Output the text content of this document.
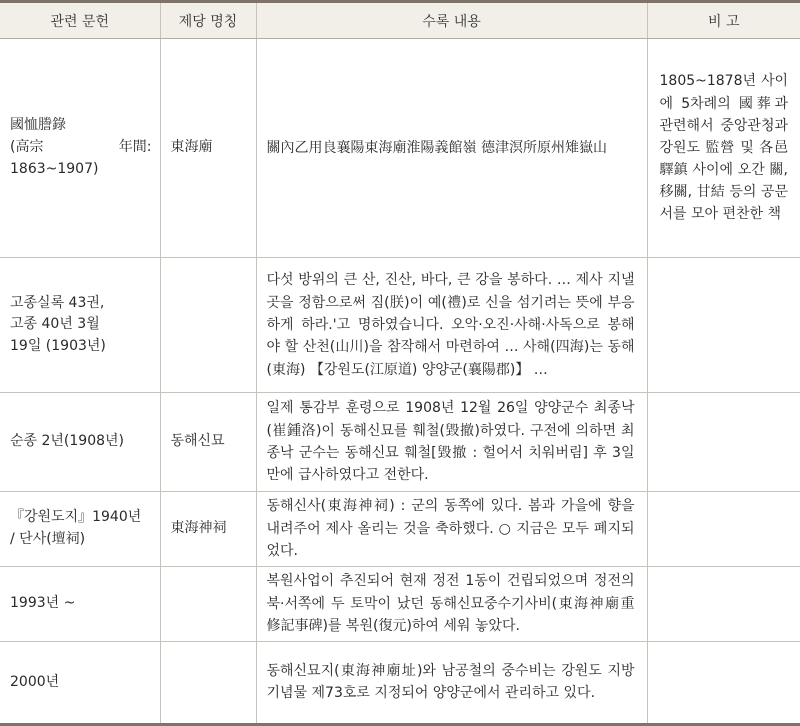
관련 문헌	제당 명칭	수록 내용	비 고

國恤謄錄
(高宗 年間:
1863~1907)	東海廟	關內乙用良襄陽東海廟淮陽義館嶺 德津溟所原州雉嶽山	1805~1878년 사이에 5차례의 國葬과 관련해서 중앙관청과 강원도 監營 및 各邑驛鎮 사이에 오간 關, 移關, 甘結 등의 공문서를 모아 편찬한 책

고종실록 43권,
고종 40년 3월
19일 (1903년)		다섯 방위의 큰 산, 진산, 바다, 큰 강을 봉하다. … 제사 지낼 곳을 정함으로써 짐(朕)이 예(禮)로 신을 섬기려는 뜻에 부응하게 하라.'고 명하였습니다. 오악·오진·사해·사독으로 봉해야 할 산천(山川)을 참작해서 마련하여 … 사해(四海)는 동해(東海) 【강원도(江原道) 양양군(襄陽郡)】 …	
순종 2년(1908년)	동해신묘	일제 통감부 훈령으로 1908년 12월 26일 양양군수 최종낙(崔鍾洛)이 동해신묘를 훼철(毀撤)하였다. 구전에 의하면 최종낙 군수는 동해신묘 훼철[毀撤 : 헐어서 치워버림] 후 3일 만에 급사하였다고 전한다.	

『강원도지』1940년
/ 단사(壇祠)	東海神祠	동해신사(東海神祠) : 군의 동쪽에 있다. 봄과 가을에 향을 내려주어 제사 올리는 것을 축하했다. ○ 지금은 모두 폐지되었다.	
1993년 ~		복원사업이 추진되어 현재 정전 1동이 건립되었으며 정전의 북·서쪽에 두 토막이 났던 동해신묘중수기사비(東海神廟重修記事碑)를 복원(復元)하여 세워 놓았다.	
2000년		동해신묘지(東海神廟址)와 남공철의 중수비는 강원도 지방기념물 제73호로 지정되어 양양군에서 관리하고 있다.	
